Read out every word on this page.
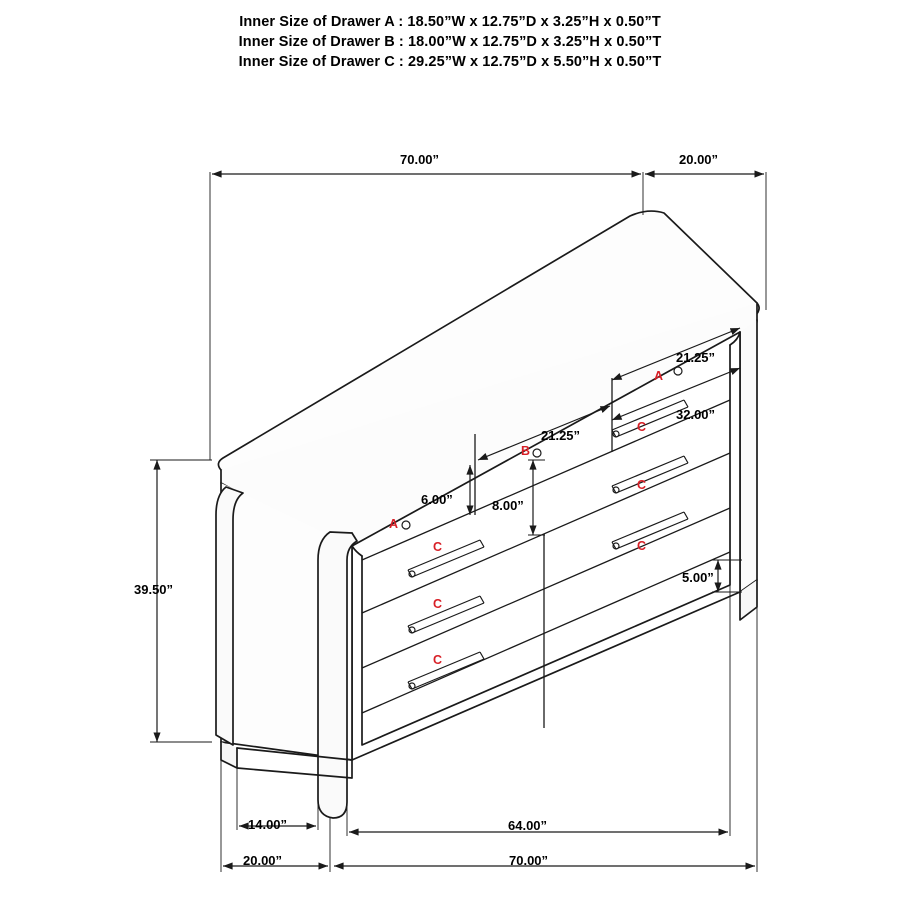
Inner Size of Drawer A : 18.50”W x 12.75”D x 3.25”H x 0.50”T
Inner Size of Drawer B : 18.00”W x 12.75”D x 3.25”H x 0.50”T
Inner Size of Drawer C : 29.25”W x 12.75”D x 5.50”H x 0.50”T
70.00”	20.00”
39.50”
21.25”
32.00”
21.25”
6.00”	8.00”
5.00”
14.00”	64.00”
20.00”	70.00”
A
B
A
C
C
C
C
C
C
